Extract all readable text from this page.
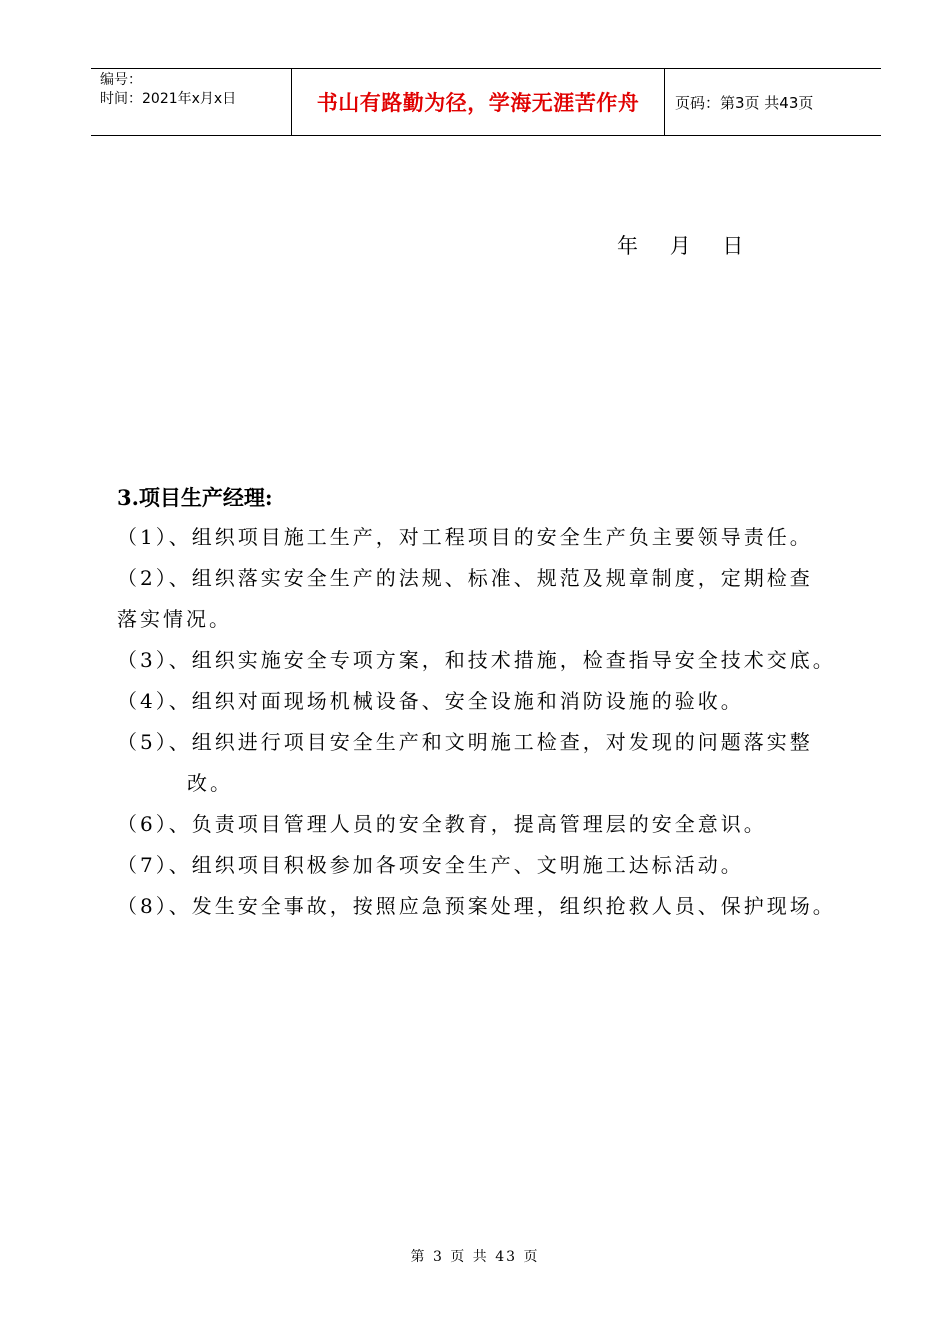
编号：
时间：2021年x月x日	书山有路勤为径，学海无涯苦作舟 页码：第3页 共43页
年    月    日

3.项目生产经理:

（1）、组织项目施工生产，对工程项目的安全生产负主要领导责任。

（2）、组织落实安全生产的法规、标准、规范及规章制度，定期检查
落实情况。

（3）、组织实施安全专项方案，和技术措施，检查指导安全技术交底。

（4）、组织对面现场机械设备、安全设施和消防设施的验收。

（5）、组织进行项目安全生产和文明施工检查，对发现的问题落实整
改。

（6）、负责项目管理人员的安全教育，提高管理层的安全意识。

（7）、组织项目积极参加各项安全生产、文明施工达标活动。

（8）、发生安全事故，按照应急预案处理，组织抢救人员、保护现场。

第 3 页 共 43 页
